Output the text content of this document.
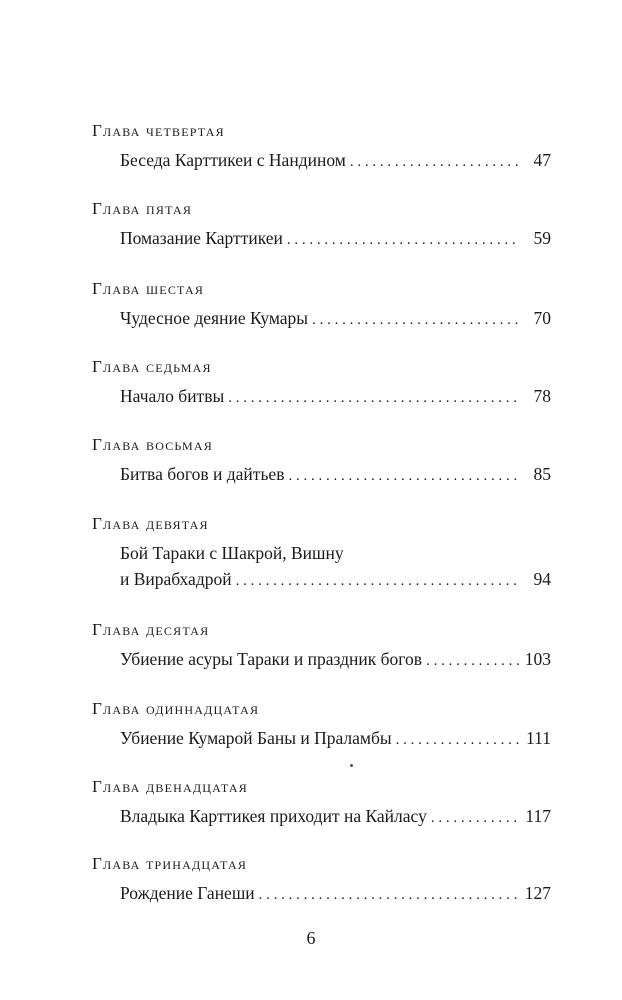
Глава четвертая
Беседа Карттикеи с Нандином . . .	47
Глава пятая
Помазание Карттикеи . . .	59
Глава шестая
Чудесное деяние Кумары . . .	70
Глава седьмая
Начало битвы . . .	78
Глава восьмая
Битва богов и дайтьев . . .	85
Глава девятая
Бой Тараки с Шакрой, Вишну
и Вирабхадрой . . .	94
Глава десятая
Убиение асуры Тараки и праздник богов . . .	103
Глава одиннадцатая
Убиение Кумарой Баны и Праламбы . . .	111
Глава двенадцатая
Владыка Карттикея приходит на Кайласу . . .	117
Глава тринадцатая
Рождение Ганеши . . .	127
6
